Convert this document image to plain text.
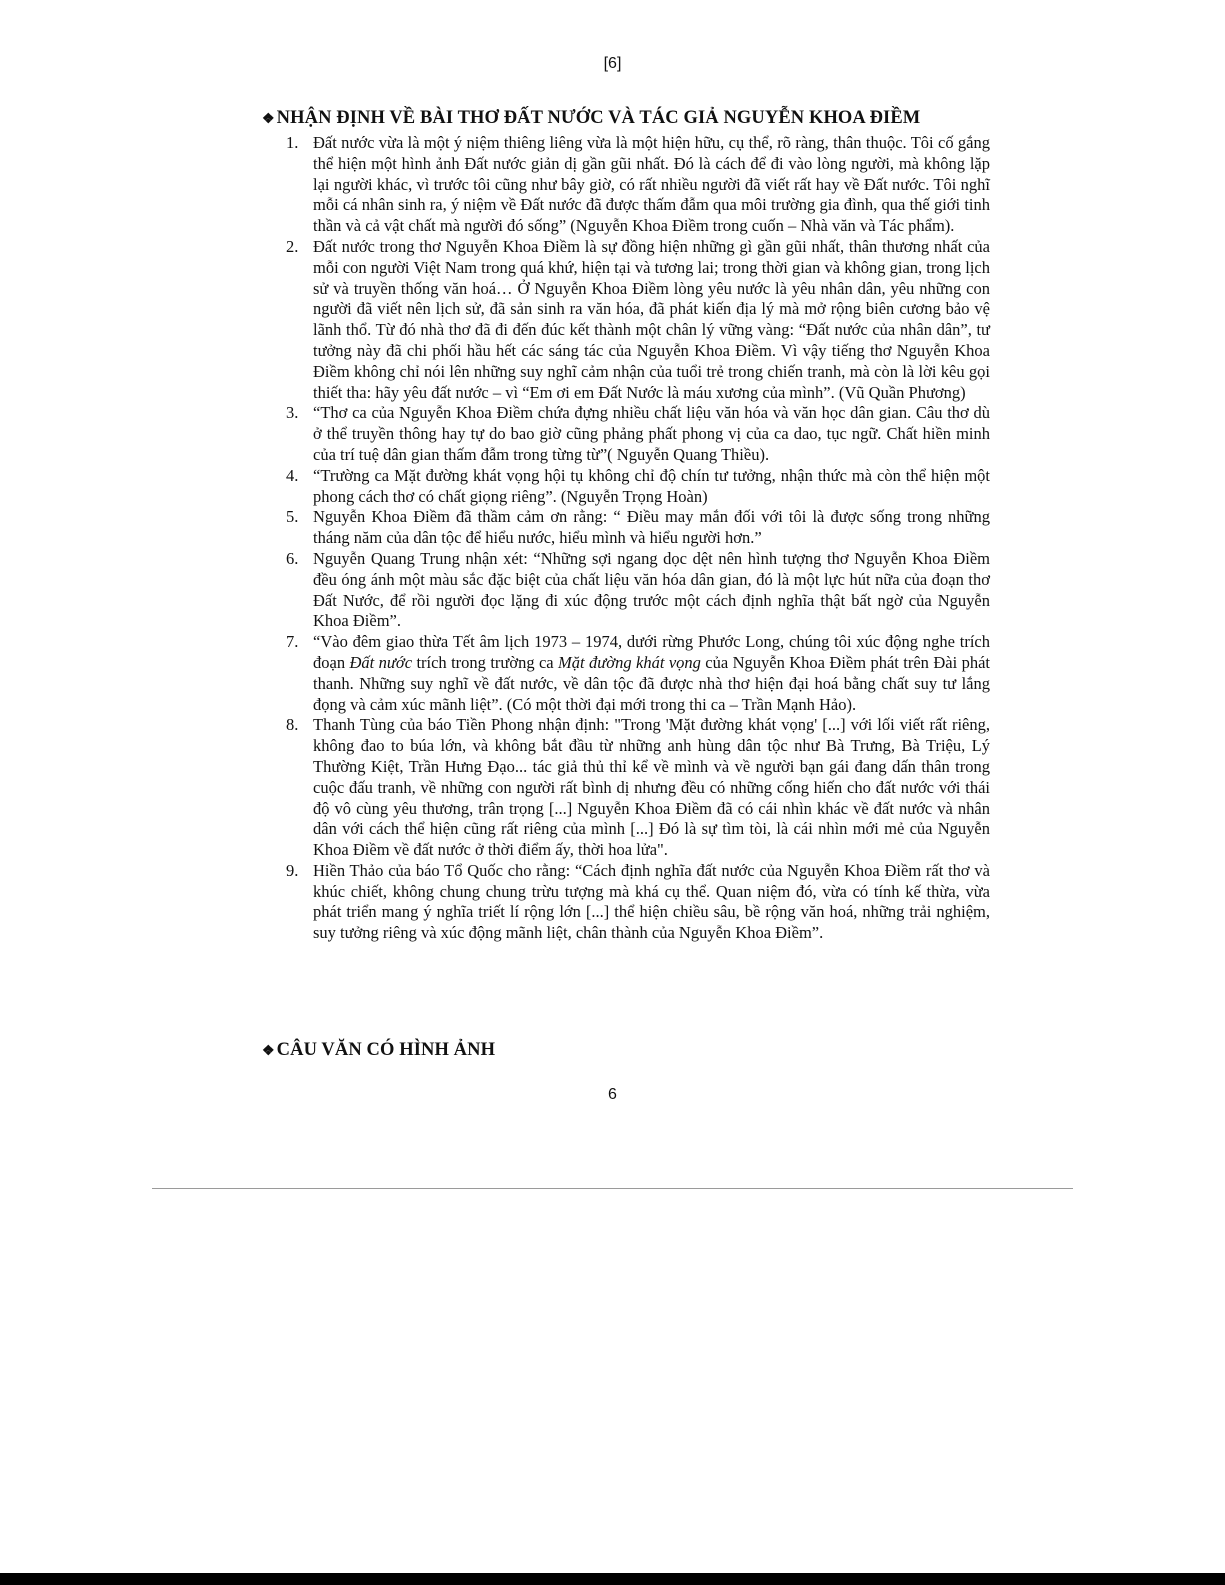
[6]
❖ NHẬN ĐỊNH VỀ BÀI THƠ ĐẤT NƯỚC VÀ TÁC GIẢ NGUYỄN KHOA ĐIỀM
1. Đất nước vừa là một ý niệm thiêng liêng vừa là một hiện hữu, cụ thể, rõ ràng, thân thuộc. Tôi cố gắng thể hiện một hình ảnh Đất nước giản dị gần gũi nhất. Đó là cách để đi vào lòng người, mà không lặp lại người khác, vì trước tôi cũng như bây giờ, có rất nhiều người đã viết rất hay về Đất nước. Tôi nghĩ mỗi cá nhân sinh ra, ý niệm về Đất nước đã được thấm đẫm qua môi trường gia đình, qua thế giới tinh thần và cả vật chất mà người đó sống” (Nguyễn Khoa Điềm trong cuốn – Nhà văn và Tác phẩm).
2. Đất nước trong thơ Nguyễn Khoa Điềm là sự đồng hiện những gì gần gũi nhất, thân thương nhất của mỗi con người Việt Nam trong quá khứ, hiện tại và tương lai; trong thời gian và không gian, trong lịch sử và truyền thống văn hoá… Ở Nguyễn Khoa Điềm lòng yêu nước là yêu nhân dân, yêu những con người đã viết nên lịch sử, đã sản sinh ra văn hóa, đã phát kiến địa lý mà mở rộng biên cương bảo vệ lãnh thổ. Từ đó nhà thơ đã đi đến đúc kết thành một chân lý vững vàng: “Đất nước của nhân dân”, tư tưởng này đã chi phối hầu hết các sáng tác của Nguyễn Khoa Điềm. Vì vậy tiếng thơ Nguyễn Khoa Điềm không chỉ nói lên những suy nghĩ cảm nhận của tuổi trẻ trong chiến tranh, mà còn là lời kêu gọi thiết tha: hãy yêu đất nước – vì “Em ơi em Đất Nước là máu xương của mình”. (Vũ Quần Phương)
3. “Thơ ca của Nguyễn Khoa Điềm chứa đựng nhiều chất liệu văn hóa và văn học dân gian. Câu thơ dù ở thể truyền thông hay tự do bao giờ cũng phảng phất phong vị của ca dao, tục ngữ. Chất hiền minh của trí tuệ dân gian thấm đẫm trong từng từ”( Nguyễn Quang Thiều).
4. “Trường ca Mặt đường khát vọng hội tụ không chỉ độ chín tư tưởng, nhận thức mà còn thể hiện một phong cách thơ có chất giọng riêng”. (Nguyễn Trọng Hoàn)
5. Nguyễn Khoa Điềm đã thầm cảm ơn rằng: “ Điều may mắn đối với tôi là được sống trong những tháng năm của dân tộc để hiểu nước, hiểu mình và hiểu người hơn.”
6. Nguyễn Quang Trung nhận xét: “Những sợi ngang dọc dệt nên hình tượng thơ Nguyễn Khoa Điềm đều óng ánh một màu sắc đặc biệt của chất liệu văn hóa dân gian, đó là một lực hút nữa của đoạn thơ Đất Nước, để rồi người đọc lặng đi xúc động trước một cách định nghĩa thật bất ngờ của Nguyễn Khoa Điềm”.
7. “Vào đêm giao thừa Tết âm lịch 1973 – 1974, dưới rừng Phước Long, chúng tôi xúc động nghe trích đoạn Đất nước trích trong trường ca Mặt đường khát vọng của Nguyễn Khoa Điềm phát trên Đài phát thanh. Những suy nghĩ về đất nước, về dân tộc đã được nhà thơ hiện đại hoá bằng chất suy tư lắng đọng và cảm xúc mãnh liệt”. (Có một thời đại mới trong thi ca – Trần Mạnh Hảo).
8. Thanh Tùng của báo Tiền Phong nhận định: "Trong 'Mặt đường khát vọng' [...] với lối viết rất riêng, không đao to búa lớn, và không bắt đầu từ những anh hùng dân tộc như Bà Trưng, Bà Triệu, Lý Thường Kiệt, Trần Hưng Đạo... tác giả thủ thỉ kể về mình và về người bạn gái đang dấn thân trong cuộc đấu tranh, về những con người rất bình dị nhưng đều có những cống hiến cho đất nước với thái độ vô cùng yêu thương, trân trọng [...] Nguyễn Khoa Điềm đã có cái nhìn khác về đất nước và nhân dân với cách thể hiện cũng rất riêng của mình [...] Đó là sự tìm tòi, là cái nhìn mới mẻ của Nguyễn Khoa Điềm về đất nước ở thời điểm ấy, thời hoa lửa".
9. Hiền Thảo của báo Tổ Quốc cho rằng: “Cách định nghĩa đất nước của Nguyễn Khoa Điềm rất thơ và khúc chiết, không chung chung trừu tượng mà khá cụ thể. Quan niệm đó, vừa có tính kế thừa, vừa phát triển mang ý nghĩa triết lí rộng lớn [...] thể hiện chiều sâu, bề rộng văn hoá, những trải nghiệm, suy tưởng riêng và xúc động mãnh liệt, chân thành của Nguyễn Khoa Điềm”.
❖ CÂU VĂN CÓ HÌNH ẢNH
6
